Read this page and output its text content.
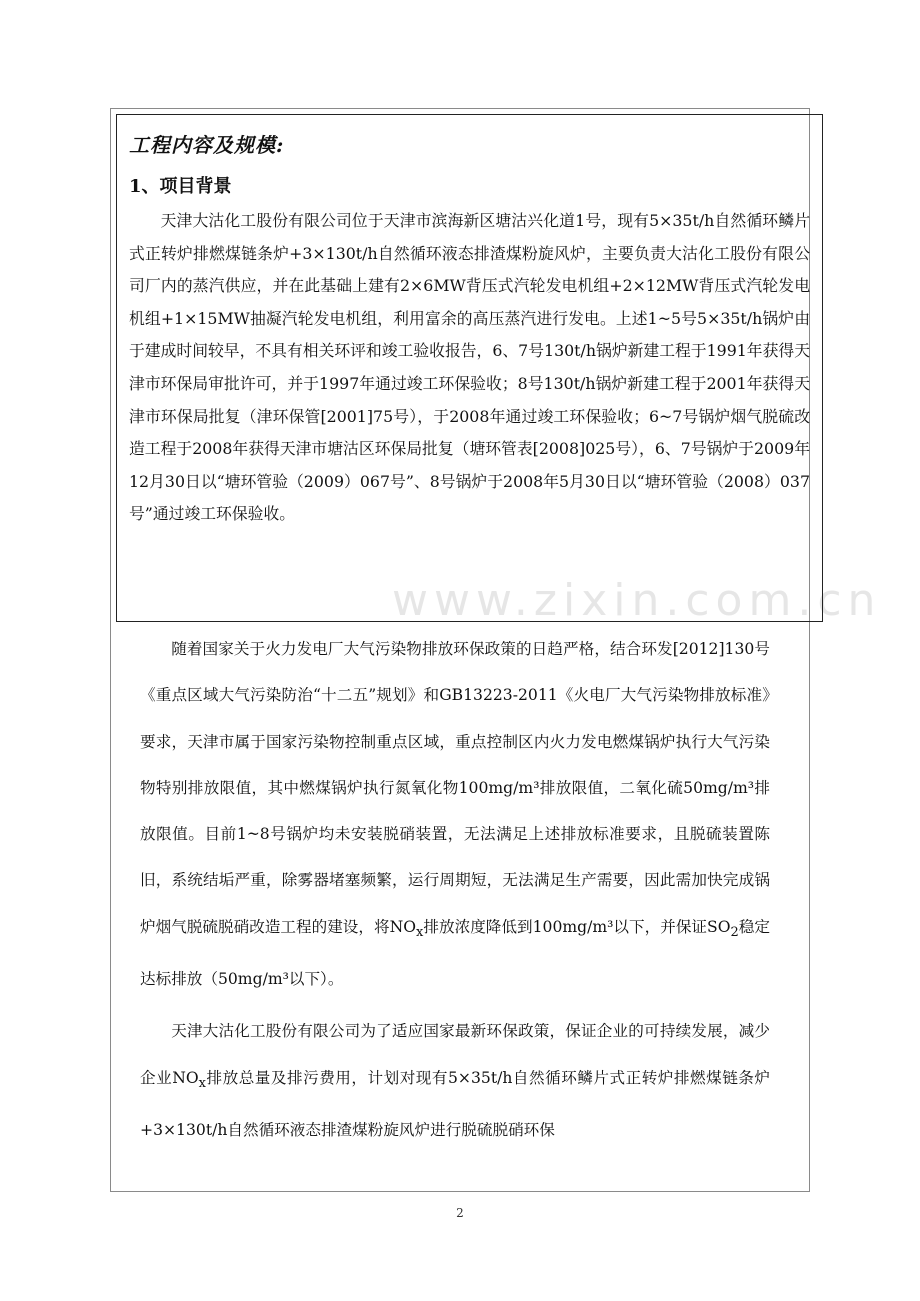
www.zixin.com.cn
工程内容及规模:
1、项目背景

天津大沽化工股份有限公司位于天津市滨海新区塘沽兴化道1号，现有5×35t/h自然循环鳞片式正转炉排燃煤链条炉+3×130t/h自然循环液态排渣煤粉旋风炉，主要负责大沽化工股份有限公司厂内的蒸汽供应，并在此基础上建有2×6MW背压式汽轮发电机组+2×12MW背压式汽轮发电机组+1×15MW抽凝汽轮发电机组，利用富余的高压蒸汽进行发电。上述1~5号5×35t/h锅炉由于建成时间较早，不具有相关环评和竣工验收报告，6、7号130t/h锅炉新建工程于1991年获得天津市环保局审批许可，并于1997年通过竣工环保验收；8号130t/h锅炉新建工程于2001年获得天津市环保局批复（津环保管[2001]75号），于2008年通过竣工环保验收；6~7号锅炉烟气脱硫改造工程于2008年获得天津市塘沽区环保局批复（塘环管表[2008]025号），6、7号锅炉于2009年12月30日以“塘环管验（2009）067号”、8号锅炉于2008年5月30日以“塘环管验（2008）037号”通过竣工环保验收。

随着国家关于火力发电厂大气污染物排放环保政策的日趋严格，结合环发[2012]130号《重点区域大气污染防治“十二五”规划》和GB13223-2011《火电厂大气污染物排放标准》要求，天津市属于国家污染物控制重点区域，重点控制区内火力发电燃煤锅炉执行大气污染物特别排放限值，其中燃煤锅炉执行氮氧化物100mg/m³排放限值，二氧化硫50mg/m³排放限值。目前1~8号锅炉均未安装脱硝装置，无法满足上述排放标准要求，且脱硫装置陈旧，系统结垢严重，除雾器堵塞频繁，运行周期短，无法满足生产需要，因此需加快完成锅炉烟气脱硫脱硝改造工程的建设，将$NO_x$排放浓度降低到100mg/m³以下，并保证$SO_2$稳定达标排放（50mg/m³以下）。

天津大沽化工股份有限公司为了适应国家最新环保政策，保证企业的可持续发展，减少企业$NO_x$排放总量及排污费用，计划对现有5×35t/h自然循环鳞片式正转炉排燃煤链条炉+3×130t/h自然循环液态排渣煤粉旋风炉进行脱硫脱硝环保

2
